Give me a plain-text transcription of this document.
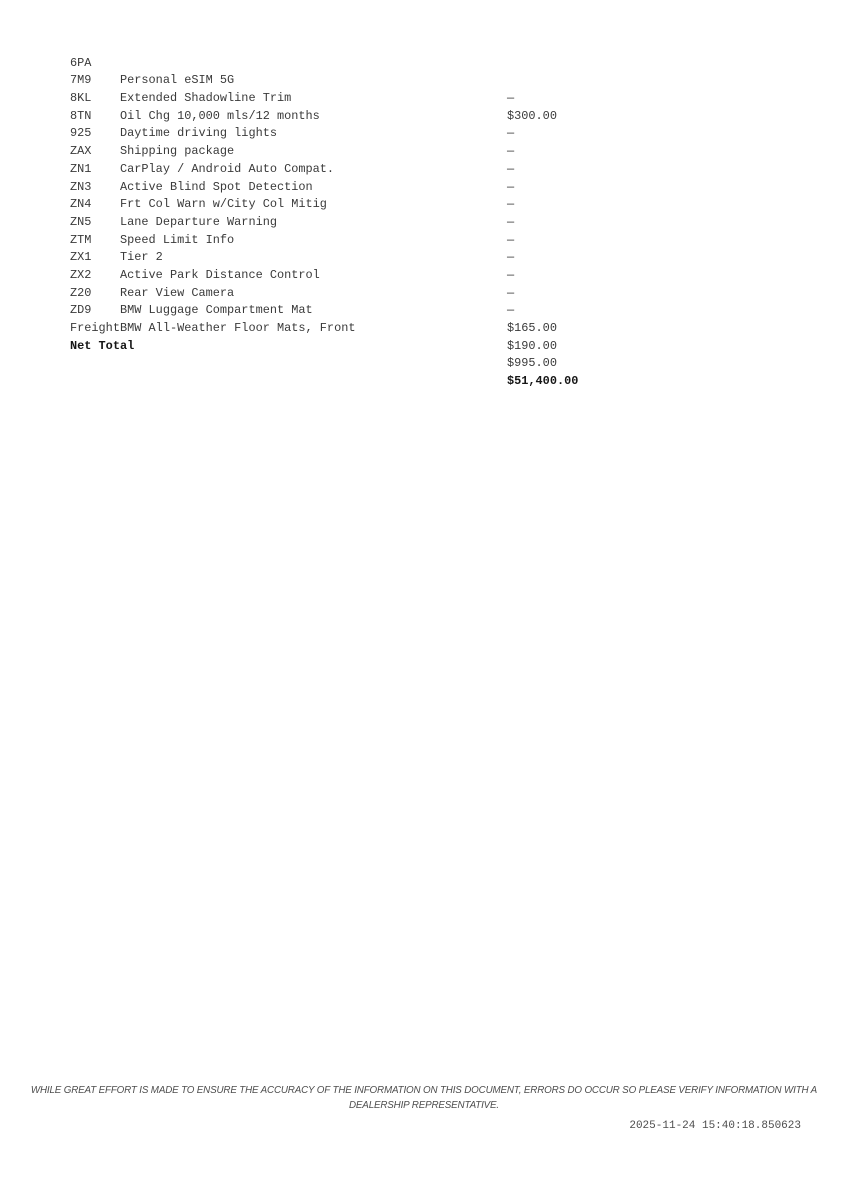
6PA

Personal eSIM 5G

—

7M9

Extended Shadowline Trim

$300.00

8KL

Oil Chg 10,000 mls/12 months

—

8TN

Daytime driving lights

—

925

Shipping package

—

ZAX

CarPlay / Android Auto Compat.

—

ZN1

Active Blind Spot Detection

—

ZN3

Frt Col Warn w/City Col Mitig

—

ZN4

Lane Departure Warning

—

ZN5

Speed Limit Info

—

ZTM

Tier 2

—

ZX1

Active Park Distance Control

—

ZX2

Rear View Camera

—

Z20

BMW Luggage Compartment Mat

$165.00

ZD9

BMW All-Weather Floor Mats, Front

$190.00

Freight

$995.00

Net Total

$51,400.00

WHILE GREAT EFFORT IS MADE TO ENSURE THE ACCURACY OF THE INFORMATION ON THIS DOCUMENT, ERRORS DO OCCUR SO PLEASE VERIFY INFORMATION WITH A
DEALERSHIP REPRESENTATIVE.
2025-11-24 15:40:18.850623
